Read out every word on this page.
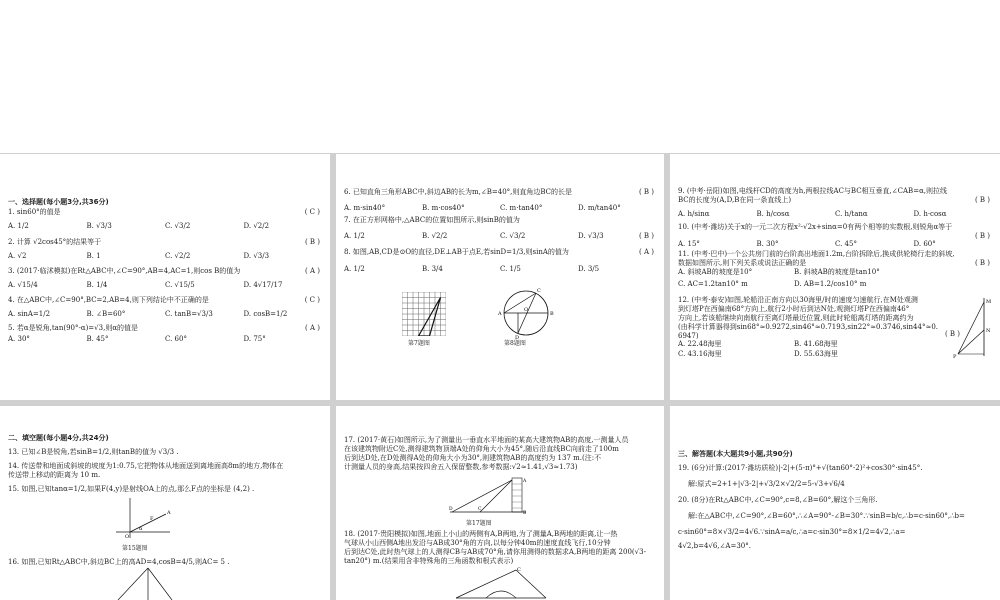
一、选择题(每小题3分,共36分)
1. sin60°的值是	( C )
A. 1/2	B. √3/3	C. √3/2	D. √2/2
2. 计算 √2cos45°的结果等于	( B )
A. √2	B. 1	C. √2/2	D. √3/3
3. (2017·临沭模拟)在Rt△ABC中,∠C=90°,AB=4,AC=1,则cos B的值为	( A )
A. √15/4	B. 1/4	C. √15/5	D. 4√17/17
4. 在△ABC中,∠C=90°,BC=2,AB=4,则下列结论中不正确的是	( C )
A. sinA=1/2	B. ∠B=60°	C. tanB=√3/3	D. cosB=1/2
5. 若α是锐角,tan(90°-α)=√3,则α的值是	( A )
A. 30°	B. 45°	C. 60°	D. 75°
6. 已知直角三角形ABC中,斜边AB的长为m,∠B=40°,则直角边BC的长是	( B )
A. m·sin40°	B. m·cos40°	C. m·tan40°	D. m/tan40°
7. 在正方形网格中,△ABC的位置如图所示,则sinB的值为
A. 1/2	B. √2/2	C. √3/2	D. √3/3	( B )
8. 如图,AB,CD是⊙O的直径,DE⊥AB于点E,若sinD=1/3,则sinA的值为	( A )
A. 1/2	B. 3/4	C. 1/5	D. 3/5
第7题图
A	B
C
D
O
第8题图
9. (中考·岳阳)如图,电线杆CD的高度为h,两根拉线AC与BC相互垂直,∠CAB=α,则拉线
BC的长度为(A,D,B在同一条直线上)	( B )
A. h/sinα	B. h/cosα	C. h/tanα	D. h·cosα
10. (中考·潍坊)关于x的一元二次方程x²-√2x+sinα=0有两个相等的实数根,则锐角α等于
( B )
A. 15°	B. 30°	C. 45°	D. 60°
11. (中考·巴中)一个公共房门前的台阶高出地面1.2m,台阶拆除后,换成供轮椅行走的斜坡,
数据如图所示,则下列关系或说法正确的是	( B )
A. 斜坡AB的坡度是10°	B. 斜坡AB的坡度是tan10°
C. AC=1.2tan10° m	D. AB=1.2/cos10° m
12. (中考·泰安)如图,轮船沿正南方向以30海里/时的速度匀速航行,在M处观测
到灯塔P在西偏南68°方向上,航行2小时后到达N处,观测灯塔P在西偏南46°
方向上,若该船继续向南航行至离灯塔最近位置,则此时轮船离灯塔的距离约为
(由科学计算器得到sin68°≈0.9272,sin46°≈0.7193,sin22°≈0.3746,sin44°≈0.
6947)	( B )
A. 22.48海里	B. 41.68海里
C. 43.16海里	D. 55.63海里
M
N
P
二、填空题(每小题4分,共24分)
13. 已知∠B是锐角,若sinB=1/2,则tanB的值为 √3/3 .
14. 传送带和地面成斜坡的坡度为1:0.75,它把物体从地面送到离地面高8m的地方,物体在
传送带上移动的距离为 10 m.
15. 如图,已知tanα=1/2,如果F(4,y)是射线OA上的点,那么F点的坐标是 (4,2) .
O
A
F
α
第15题图
16. 如图,已知Rt△ABC中,斜边BC上的高AD=4,cosB=4/5,则AC= 5 .
17. (2017·黄石)如图所示,为了测量出一垂直水平地面的某高大建筑物AB的高度,一测量人员
在该建筑物附近C处,测得建筑物顶端A处的仰角大小为45°,随后沿直线BC向前走了100m
后到达D处,在D处测得A处的仰角大小为30°,则建筑物AB的高度约为 137 m.(注:不
计测量人员的身高,结果按四舍五入保留整数,参考数据:√2≈1.41,√3≈1.73)
D	C
B
A
第17题图
18. (2017·贵阳模拟)如图,地面上小山的两侧有A,B两地,为了测量A,B两地的距离,让一热
气球从小山西侧A地出发沿与AB成30°角的方向,以每分钟40m的速度直线飞行,10分钟
后到达C处,此时热气球上的人测得CB与AB成70°角,请你用测得的数据求A,B两地的距离 200(√3-
tan20°) m.(结果用含非特殊角的三角函数和根式表示)
C
三、解答题(本大题共9小题,共90分)
19. (6分)计算:(2017·潍坊质检)|-2|+(5-π)°+√(tan60°-2)²+cos30°·sin45°.
解:原式=2+1+|√3-2|+√3/2×√2/2=5-√3+√6/4
20. (8分)在Rt△ABC中,∠C=90°,c=8,∠B=60°,解这个三角形.
解:在△ABC中,∠C=90°,∠B=60°,∴∠A=90°-∠B=30°.∵sinB=b/c,∴b=c·sin60°,∴b=
c·sin60°=8×√3/2=4√6.∵sinA=a/c,∴a=c·sin30°=8×1/2=4√2,∴a=
4√2,b=4√6,∠A=30°.
